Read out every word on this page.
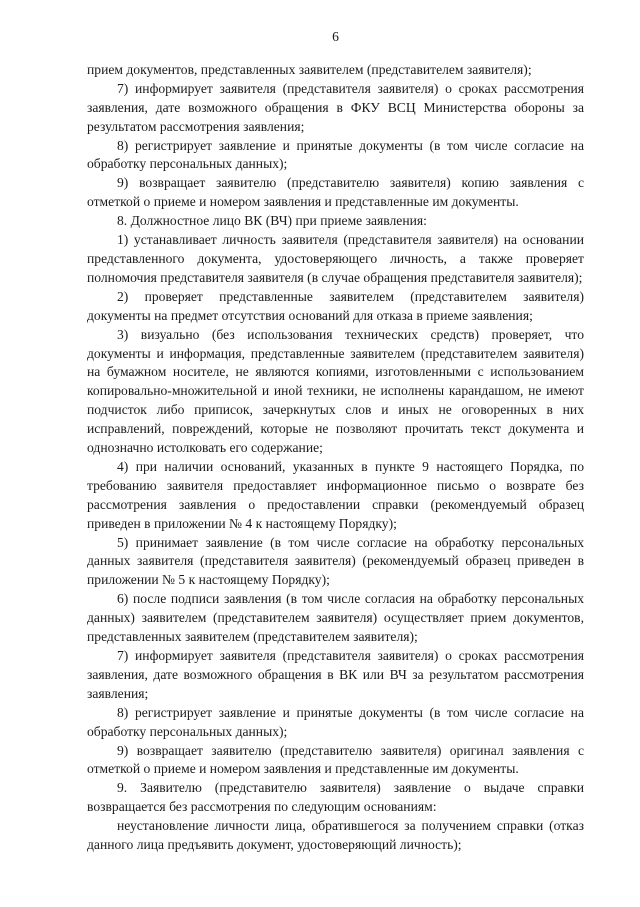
6

прием документов, представленных заявителем (представителем заявителя);

7) информирует заявителя (представителя заявителя) о сроках рассмотрения заявления, дате возможного обращения в ФКУ ВСЦ Министерства обороны за результатом рассмотрения заявления;

8) регистрирует заявление и принятые документы (в том числе согласие на обработку персональных данных);

9) возвращает заявителю (представителю заявителя) копию заявления с отметкой о приеме и номером заявления и представленные им документы.

8. Должностное лицо ВК (ВЧ) при приеме заявления:

1) устанавливает личность заявителя (представителя заявителя) на основании представленного документа, удостоверяющего личность, а также проверяет полномочия представителя заявителя (в случае обращения представителя заявителя);

2) проверяет представленные заявителем (представителем заявителя) документы на предмет отсутствия оснований для отказа в приеме заявления;

3) визуально (без использования технических средств) проверяет, что документы и информация, представленные заявителем (представителем заявителя) на бумажном носителе, не являются копиями, изготовленными с использованием копировально-множительной и иной техники, не исполнены карандашом, не имеют подчисток либо приписок, зачеркнутых слов и иных не оговоренных в них исправлений, повреждений, которые не позволяют прочитать текст документа и однозначно истолковать его содержание;

4) при наличии оснований, указанных в пункте 9 настоящего Порядка, по требованию заявителя предоставляет информационное письмо о возврате без рассмотрения заявления о предоставлении справки (рекомендуемый образец приведен в приложении № 4 к настоящему Порядку);

5) принимает заявление (в том числе согласие на обработку персональных данных заявителя (представителя заявителя) (рекомендуемый образец приведен в приложении № 5 к настоящему Порядку);

6) после подписи заявления (в том числе согласия на обработку персональных данных) заявителем (представителем заявителя) осуществляет прием документов, представленных заявителем (представителем заявителя);

7) информирует заявителя (представителя заявителя) о сроках рассмотрения заявления, дате возможного обращения в ВК или ВЧ за результатом рассмотрения заявления;

8) регистрирует заявление и принятые документы (в том числе согласие на обработку персональных данных);

9) возвращает заявителю (представителю заявителя) оригинал заявления с отметкой о приеме и номером заявления и представленные им документы.

9. Заявителю (представителю заявителя) заявление о выдаче справки возвращается без рассмотрения по следующим основаниям:

неустановление личности лица, обратившегося за получением справки (отказ данного лица предъявить документ, удостоверяющий личность);
